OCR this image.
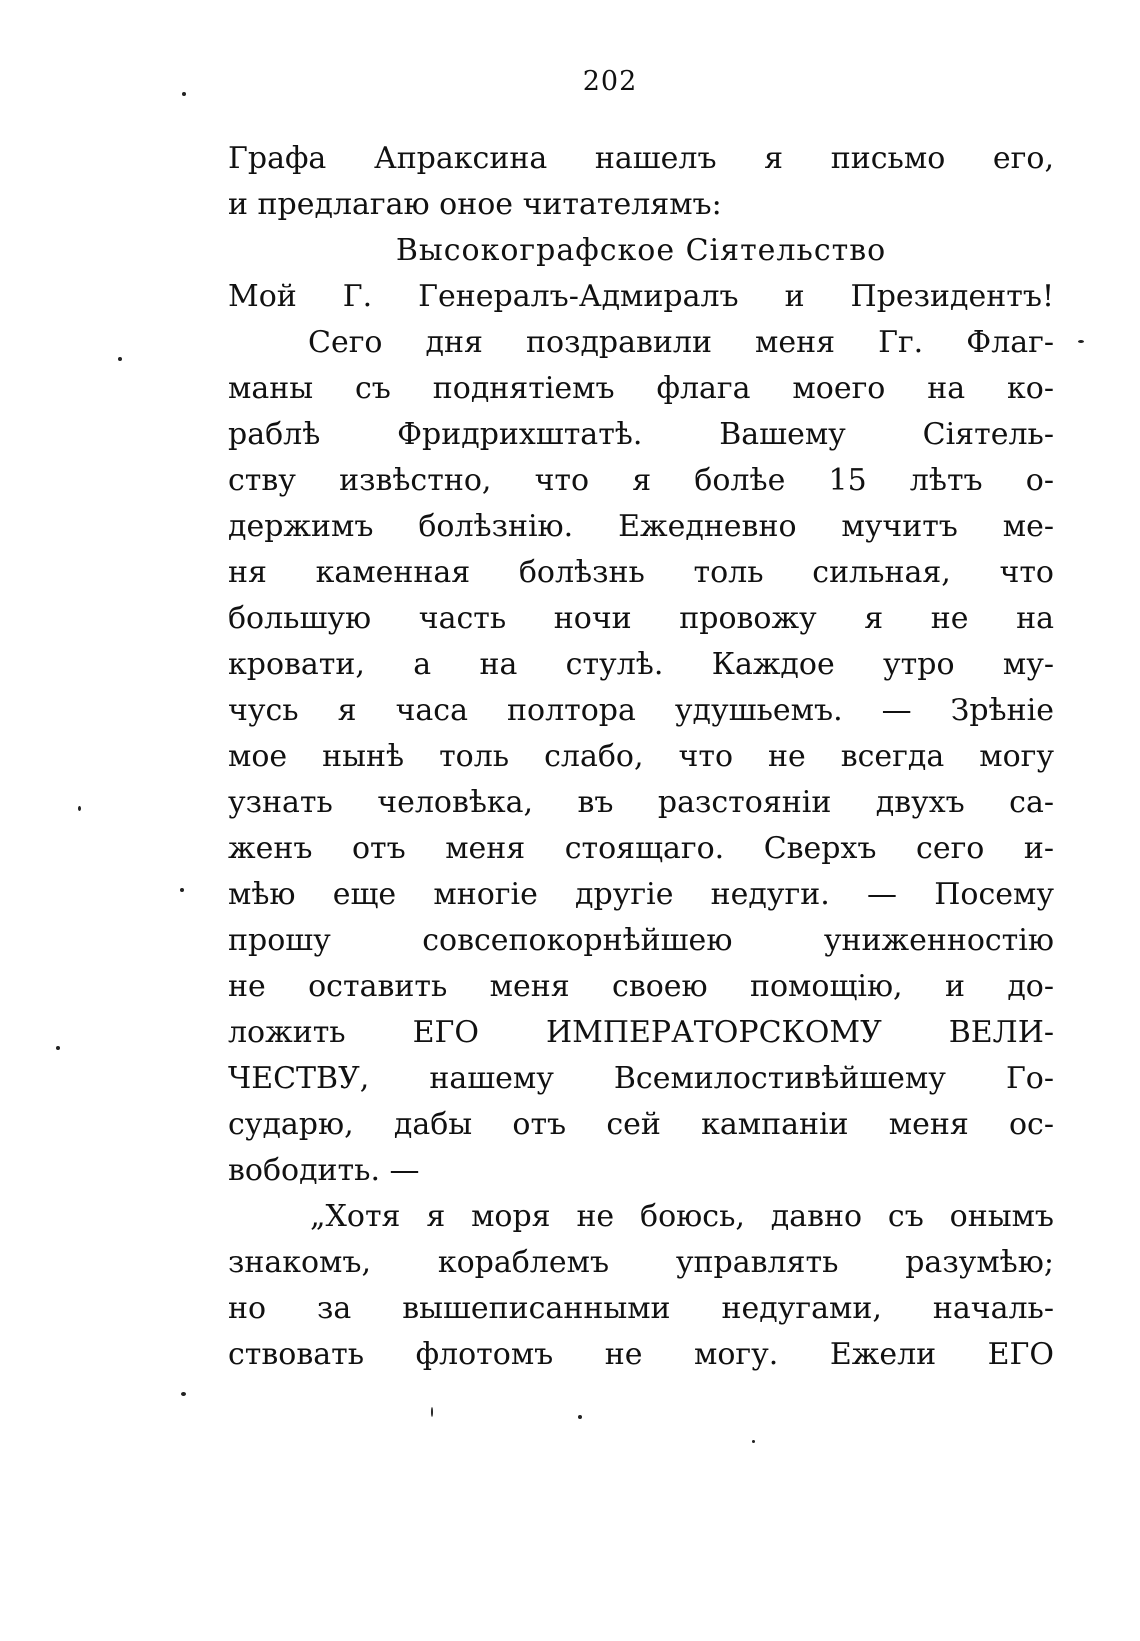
202
Графа Апраксина нашелъ я письмо его,
и предлагаю оное читателямъ:
Высокографское Сіятельство
Мой Г. Генералъ-Адмиралъ и Президентъ!
Сего дня поздравили меня Гг. Флаг-
маны съ поднятіемъ флага моего на ко-
раблѣ Фридрихштатѣ. Вашему Сіятель-
ству извѣстно, что я болѣе 15 лѣтъ о-
держимъ болѣзнію. Ежедневно мучитъ ме-
ня каменная болѣзнь толь сильная, что
большую часть ночи провожу я не на
кровати, а на стулѣ. Каждое утро му-
чусь я часа полтора удушьемъ. — Зрѣніе
мое нынѣ толь слабо, что не всегда могу
узнать человѣка, въ разстояніи двухъ са-
женъ отъ меня стоящаго. Сверхъ сего и-
мѣю еще многіе другіе недуги. — Посему
прошу совсепокорнѣйшею униженностію
не оставить меня своею помощію, и до-
ложить ЕГО ИМПЕРАТОРСКОМУ ВЕЛИ-
ЧЕСТВУ, нашему Всемилостивѣйшему Го-
сударю, дабы отъ сей кампаніи меня ос-
вободить. —
„Хотя я моря не боюсь, давно съ онымъ
знакомъ, кораблемъ управлять разумѣю;
но за вышеписанными недугами, началь-
ствовать флотомъ не могу. Ежели ЕГО
